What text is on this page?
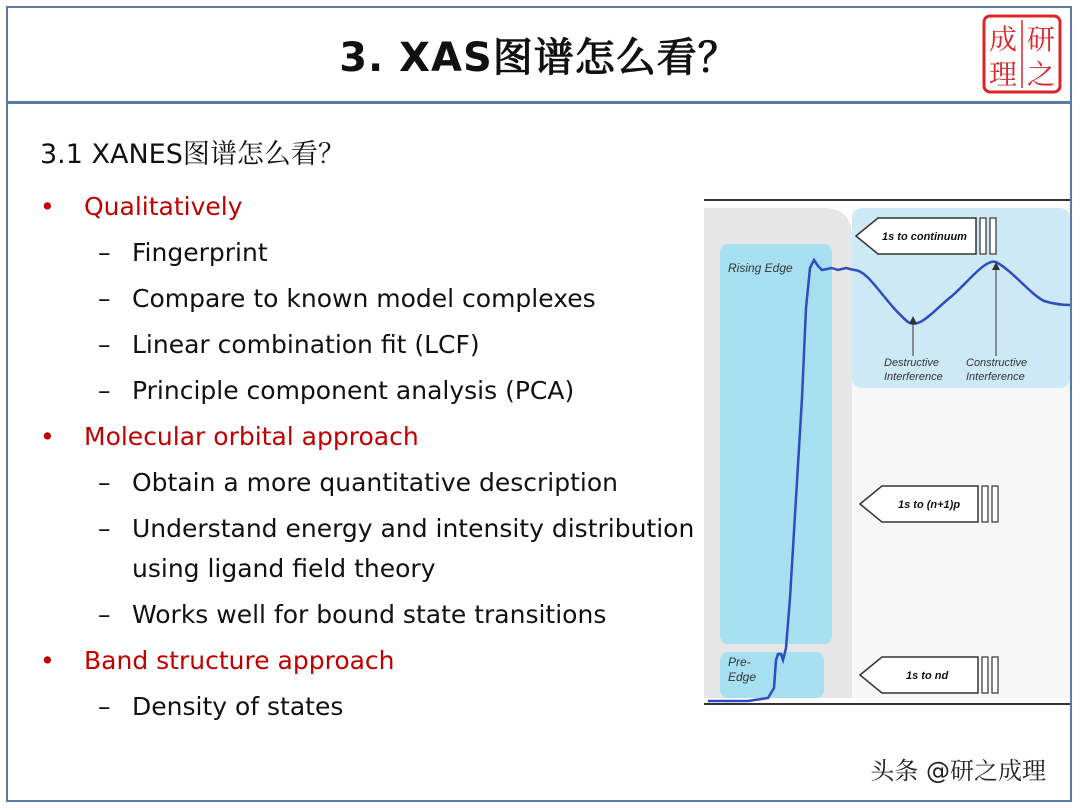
3. XAS图谱怎么看？	成 研
理 之
3.1 XANES图谱怎么看？
• Qualitatively
– Fingerprint
– Compare to known model complexes
– Linear combination fit (LCF)
– Principle component analysis (PCA)
• Molecular orbital approach
– Obtain a more quantitative description
– Understand energy and intensity distribution
using ligand field theory
– Works well for bound state transitions
• Band structure approach
– Density of states
Rising Edge
Pre-
Edge
1s to continuum
Destructive
Interference
Constructive
Interference
1s to (n+1)p
1s to nd
头条 @研之成理
